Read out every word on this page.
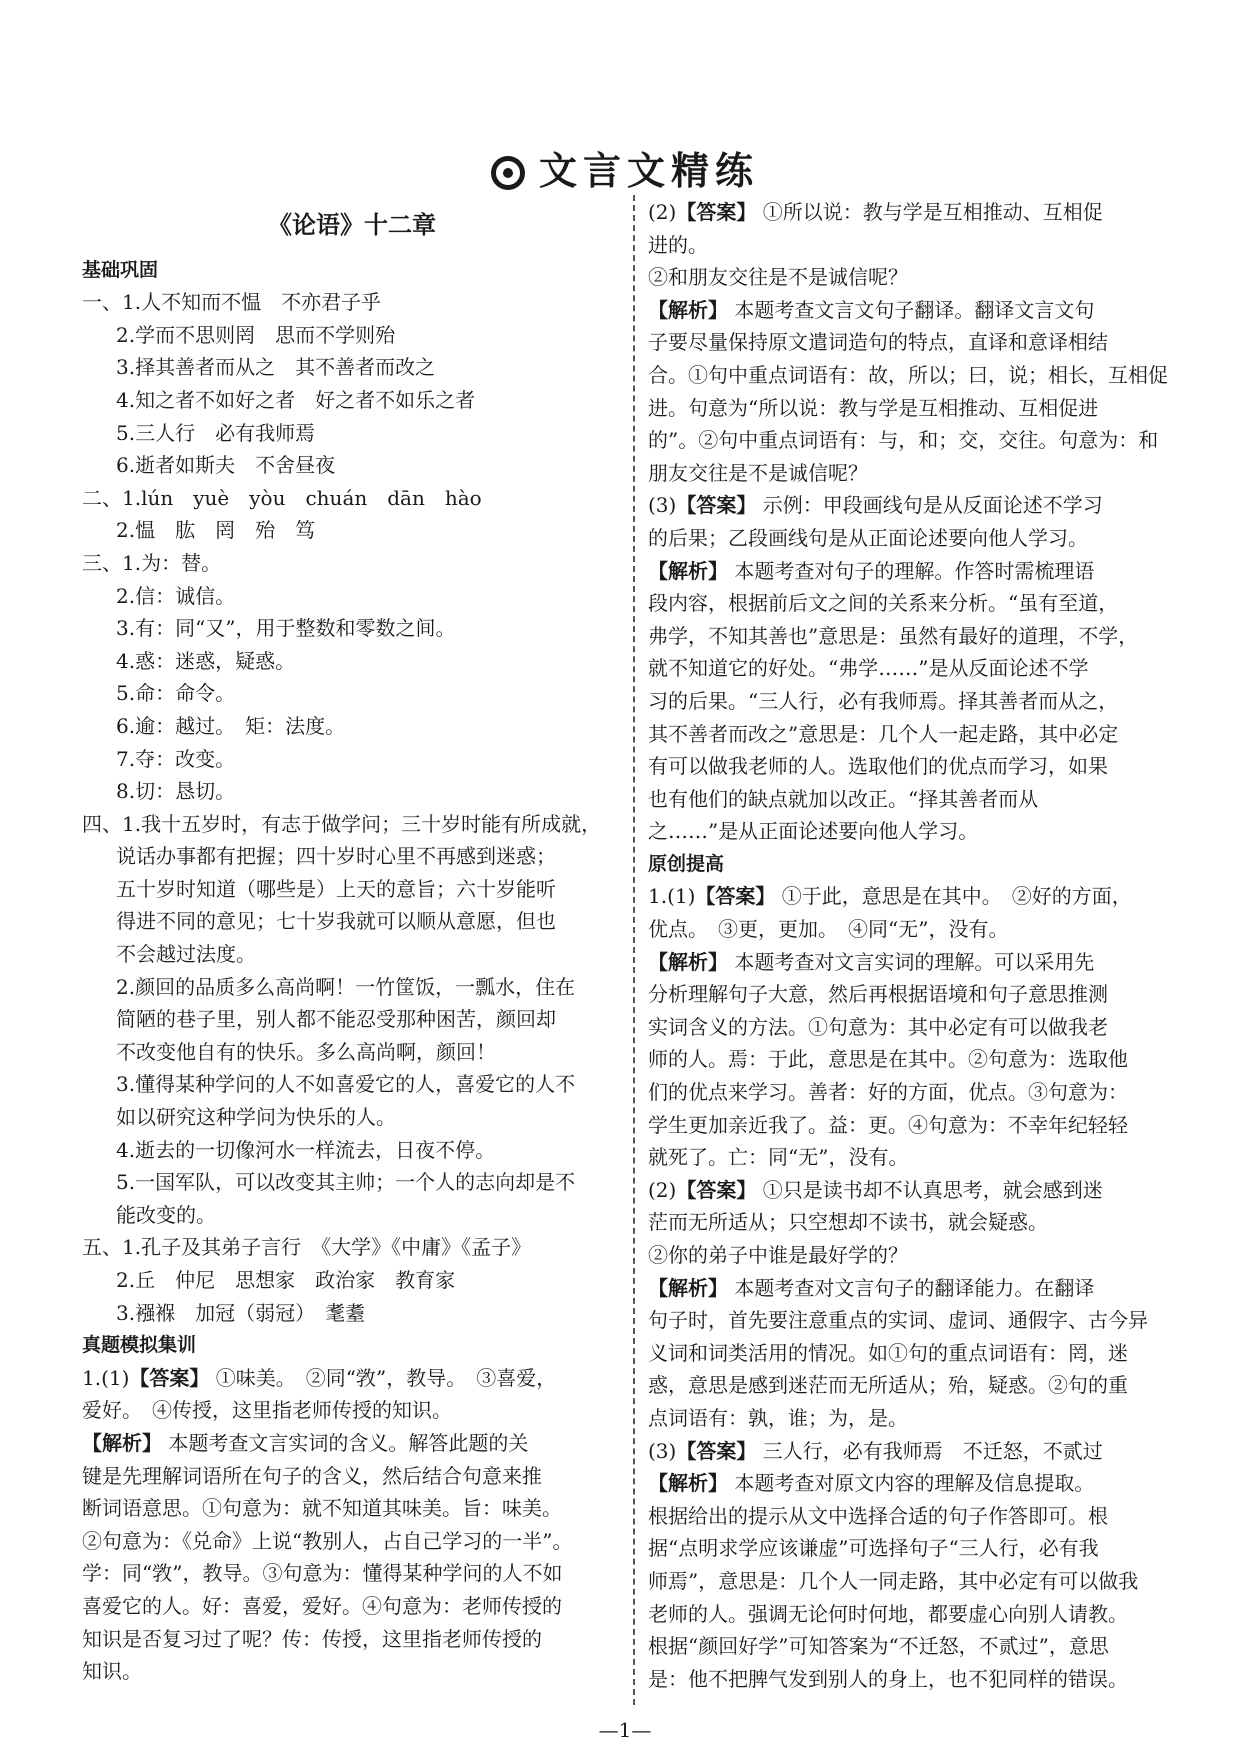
文言文精练
《论语》十二章
基础巩固
一、1.人不知而不愠　不亦君子乎
2.学而不思则罔　思而不学则殆
3.择其善者而从之　其不善者而改之
4.知之者不如好之者　好之者不如乐之者
5.三人行　必有我师焉
6.逝者如斯夫　不舍昼夜
二、1.lún　yuè　yòu　chuán　dān　hào
2.愠　肱　罔　殆　笃
三、1.为：替。
2.信：诚信。
3.有：同“又”，用于整数和零数之间。
4.惑：迷惑，疑惑。
5.命：命令。
6.逾：越过。　矩：法度。
7.夺：改变。
8.切：恳切。
四、1.我十五岁时，有志于做学问；三十岁时能有所成就，
说话办事都有把握；四十岁时心里不再感到迷惑；
五十岁时知道（哪些是）上天的意旨；六十岁能听
得进不同的意见；七十岁我就可以顺从意愿，但也
不会越过法度。
2.颜回的品质多么高尚啊！一竹筐饭，一瓢水，住在
简陋的巷子里，别人都不能忍受那种困苦，颜回却
不改变他自有的快乐。多么高尚啊，颜回！
3.懂得某种学问的人不如喜爱它的人，喜爱它的人不
如以研究这种学问为快乐的人。
4.逝去的一切像河水一样流去，日夜不停。
5.一国军队，可以改变其主帅；一个人的志向却是不
能改变的。
五、1.孔子及其弟子言行　《大学》《中庸》《孟子》
2.丘　仲尼　思想家　政治家　教育家
3.襁褓　加冠（弱冠）　耄耋
真题模拟集训
1.(1)【答案】 ①味美。　②同“敩”，教导。　③喜爱，
爱好。　④传授，这里指老师传授的知识。
【解析】 本题考查文言实词的含义。解答此题的关
键是先理解词语所在句子的含义，然后结合句意来推
断词语意思。①句意为：就不知道其味美。旨：味美。
②句意为：《兑命》上说“教别人，占自己学习的一半”。
学：同“敩”，教导。③句意为：懂得某种学问的人不如
喜爱它的人。好：喜爱，爱好。④句意为：老师传授的
知识是否复习过了呢？传：传授，这里指老师传授的
知识。
(2)【答案】 ①所以说：教与学是互相推动、互相促
进的。
②和朋友交往是不是诚信呢？
【解析】 本题考查文言文句子翻译。翻译文言文句
子要尽量保持原文遣词造句的特点，直译和意译相结
合。①句中重点词语有：故，所以；曰，说；相长，互相促
进。句意为“所以说：教与学是互相推动、互相促进
的”。②句中重点词语有：与，和；交，交往。句意为：和
朋友交往是不是诚信呢？
(3)【答案】 示例：甲段画线句是从反面论述不学习
的后果；乙段画线句是从正面论述要向他人学习。
【解析】 本题考查对句子的理解。作答时需梳理语
段内容，根据前后文之间的关系来分析。“虽有至道，
弗学，不知其善也”意思是：虽然有最好的道理，不学，
就不知道它的好处。“弗学……”是从反面论述不学
习的后果。“三人行，必有我师焉。择其善者而从之，
其不善者而改之”意思是：几个人一起走路，其中必定
有可以做我老师的人。选取他们的优点而学习，如果
也有他们的缺点就加以改正。“择其善者而从
之……”是从正面论述要向他人学习。
原创提高
1.(1)【答案】 ①于此，意思是在其中。　②好的方面，
优点。　③更，更加。　④同“无”，没有。
【解析】 本题考查对文言实词的理解。可以采用先
分析理解句子大意，然后再根据语境和句子意思推测
实词含义的方法。①句意为：其中必定有可以做我老
师的人。焉：于此，意思是在其中。②句意为：选取他
们的优点来学习。善者：好的方面，优点。③句意为：
学生更加亲近我了。益：更。④句意为：不幸年纪轻轻
就死了。亡：同“无”，没有。
(2)【答案】 ①只是读书却不认真思考，就会感到迷
茫而无所适从；只空想却不读书，就会疑惑。
②你的弟子中谁是最好学的？
【解析】 本题考查对文言句子的翻译能力。在翻译
句子时，首先要注意重点的实词、虚词、通假字、古今异
义词和词类活用的情况。如①句的重点词语有：罔，迷
惑，意思是感到迷茫而无所适从；殆，疑惑。②句的重
点词语有：孰，谁；为，是。
(3)【答案】 三人行，必有我师焉　不迁怒，不贰过
【解析】 本题考查对原文内容的理解及信息提取。
根据给出的提示从文中选择合适的句子作答即可。根
据“点明求学应该谦虚”可选择句子“三人行，必有我
师焉”，意思是：几个人一同走路，其中必定有可以做我
老师的人。强调无论何时何地，都要虚心向别人请教。
根据“颜回好学”可知答案为“不迁怒，不贰过”，意思
是：他不把脾气发到别人的身上，也不犯同样的错误。
—1—
